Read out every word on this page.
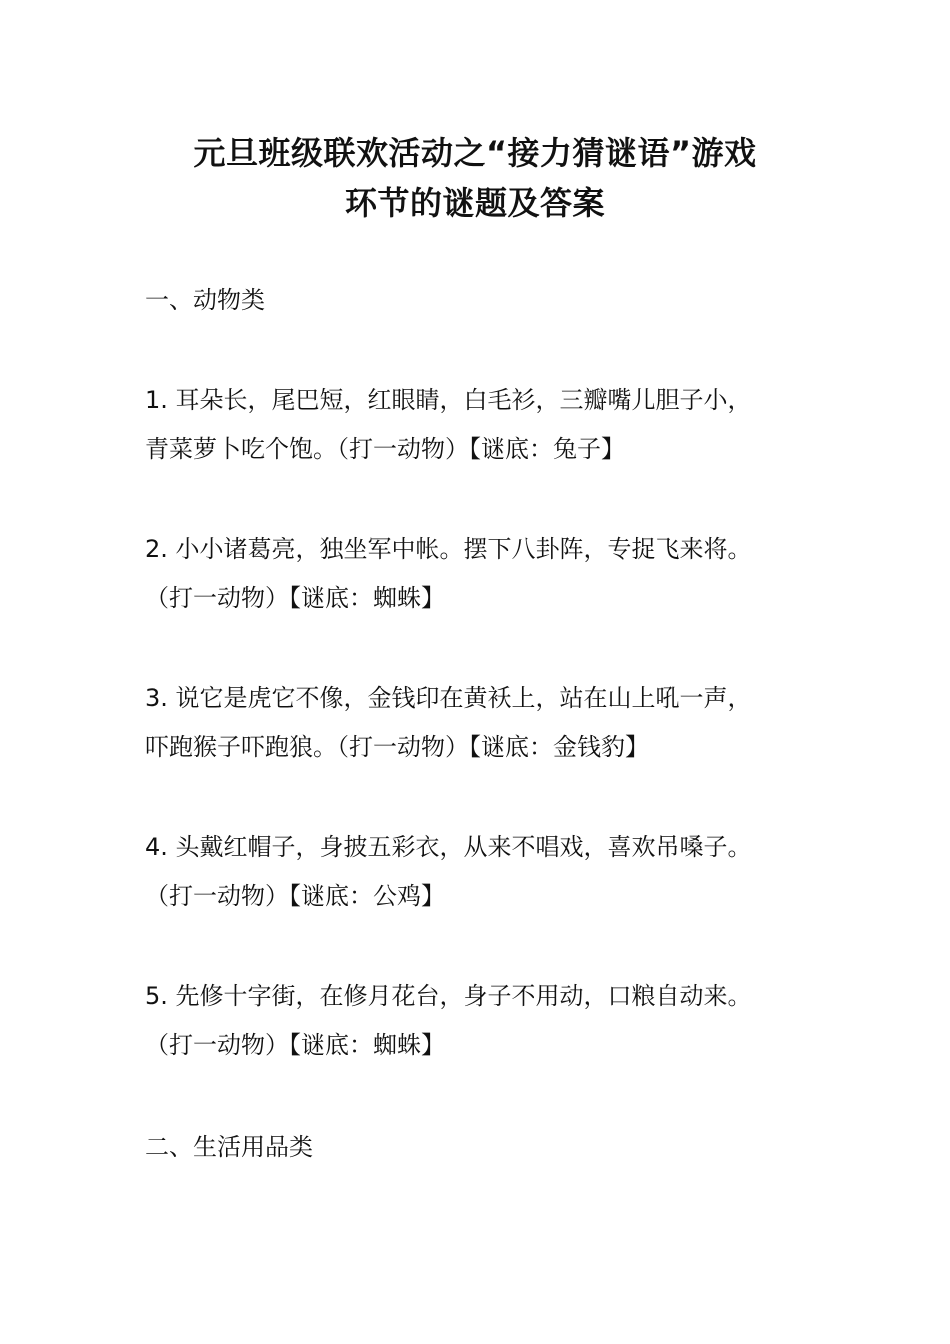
元旦班级联欢活动之“接力猜谜语”游戏
环节的谜题及答案
一、动物类
1. 耳朵长，尾巴短，红眼睛，白毛衫，三瓣嘴儿胆子小，
青菜萝卜吃个饱。（打一动物）【谜底：兔子】
2. 小小诸葛亮，独坐军中帐。摆下八卦阵，专捉飞来将。
（打一动物）【谜底：蜘蛛】
3. 说它是虎它不像，金钱印在黄袄上，站在山上吼一声，
吓跑猴子吓跑狼。（打一动物）【谜底：金钱豹】
4. 头戴红帽子，身披五彩衣，从来不唱戏，喜欢吊嗓子。
（打一动物）【谜底：公鸡】
5. 先修十字街，在修月花台，身子不用动，口粮自动来。
（打一动物）【谜底：蜘蛛】
二、生活用品类
